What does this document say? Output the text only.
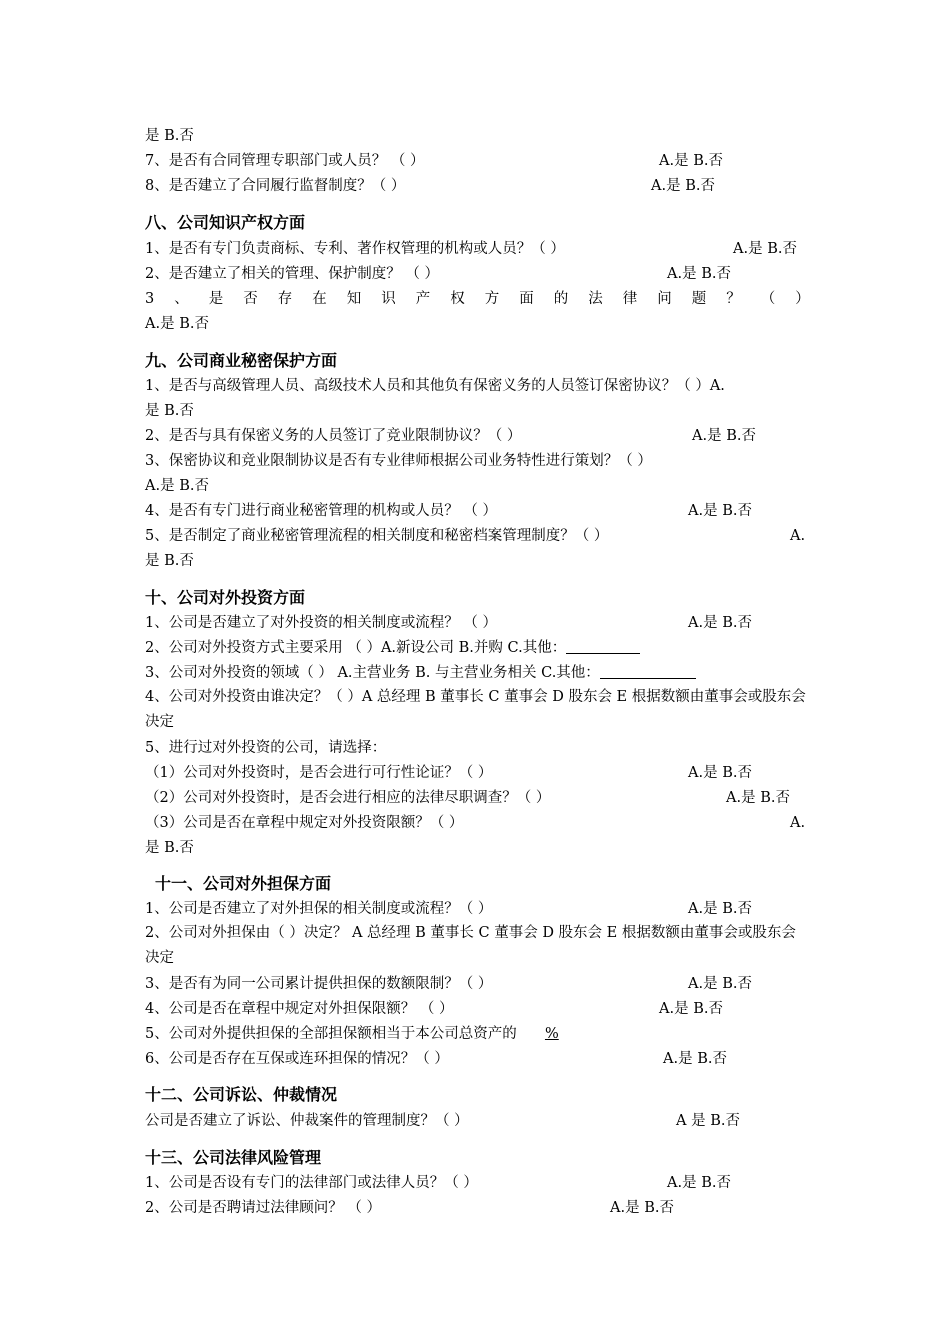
是 B.否
7、是否有合同管理专职部门或人员？ （ ）	A.是 B.否
8、是否建立了合同履行监督制度？（ ）	A.是 B.否
八、公司知识产权方面
1、是否有专门负责商标、专利、著作权管理的机构或人员？（ ）	A.是 B.否
2、是否建立了相关的管理、保护制度？ （ ）	A.是 B.否
3 、 是 否 存 在 知 识 产 权 方 面 的 法 律 问 题 ？ （ ）
A.是 B.否
九、公司商业秘密保护方面
1、是否与高级管理人员、高级技术人员和其他负有保密义务的人员签订保密协议？（ ）A.
是 B.否
2、是否与具有保密义务的人员签订了竞业限制协议？（ ）	A.是 B.否
3、保密协议和竞业限制协议是否有专业律师根据公司业务特性进行策划？（ ）
A.是 B.否
4、是否有专门进行商业秘密管理的机构或人员？ （ ）	A.是 B.否
5、是否制定了商业秘密管理流程的相关制度和秘密档案管理制度？（ ）	A.
是 B.否
十、公司对外投资方面
1、公司是否建立了对外投资的相关制度或流程？ （ ）	A.是 B.否
2、公司对外投资方式主要采用 （ ）A.新设公司 B.并购 C.其他：
3、公司对外投资的领域（ ） A.主营业务 B. 与主营业务相关 C.其他：
4、公司对外投资由谁决定？（ ）A 总经理 B 董事长 C 董事会 D 股东会 E 根据数额由董事会或股东会决定
5、进行过对外投资的公司，请选择：
（1）公司对外投资时，是否会进行可行性论证？（ ）	A.是 B.否
（2）公司对外投资时，是否会进行相应的法律尽职调查？（ ）	A.是 B.否
（3）公司是否在章程中规定对外投资限额？（ ）	A.
是 B.否
十一、公司对外担保方面
1、公司是否建立了对外担保的相关制度或流程？（ ）	A.是 B.否
2、公司对外担保由（ ）决定？ A 总经理 B 董事长 C 董事会 D 股东会 E 根据数额由董事会或股东会决定
3、是否有为同一公司累计提供担保的数额限制？（ ）	A.是 B.否
4、公司是否在章程中规定对外担保限额？ （ ）	A.是 B.否
5、公司对外提供担保的全部担保额相当于本公司总资产的 %
6、公司是否存在互保或连环担保的情况？（ ）	A.是 B.否
十二、公司诉讼、仲裁情况
公司是否建立了诉讼、仲裁案件的管理制度？（ ）	A 是 B.否
十三、公司法律风险管理
1、公司是否设有专门的法律部门或法律人员？（ ）	A.是 B.否
2、公司是否聘请过法律顾问？ （ ）	A.是 B.否
